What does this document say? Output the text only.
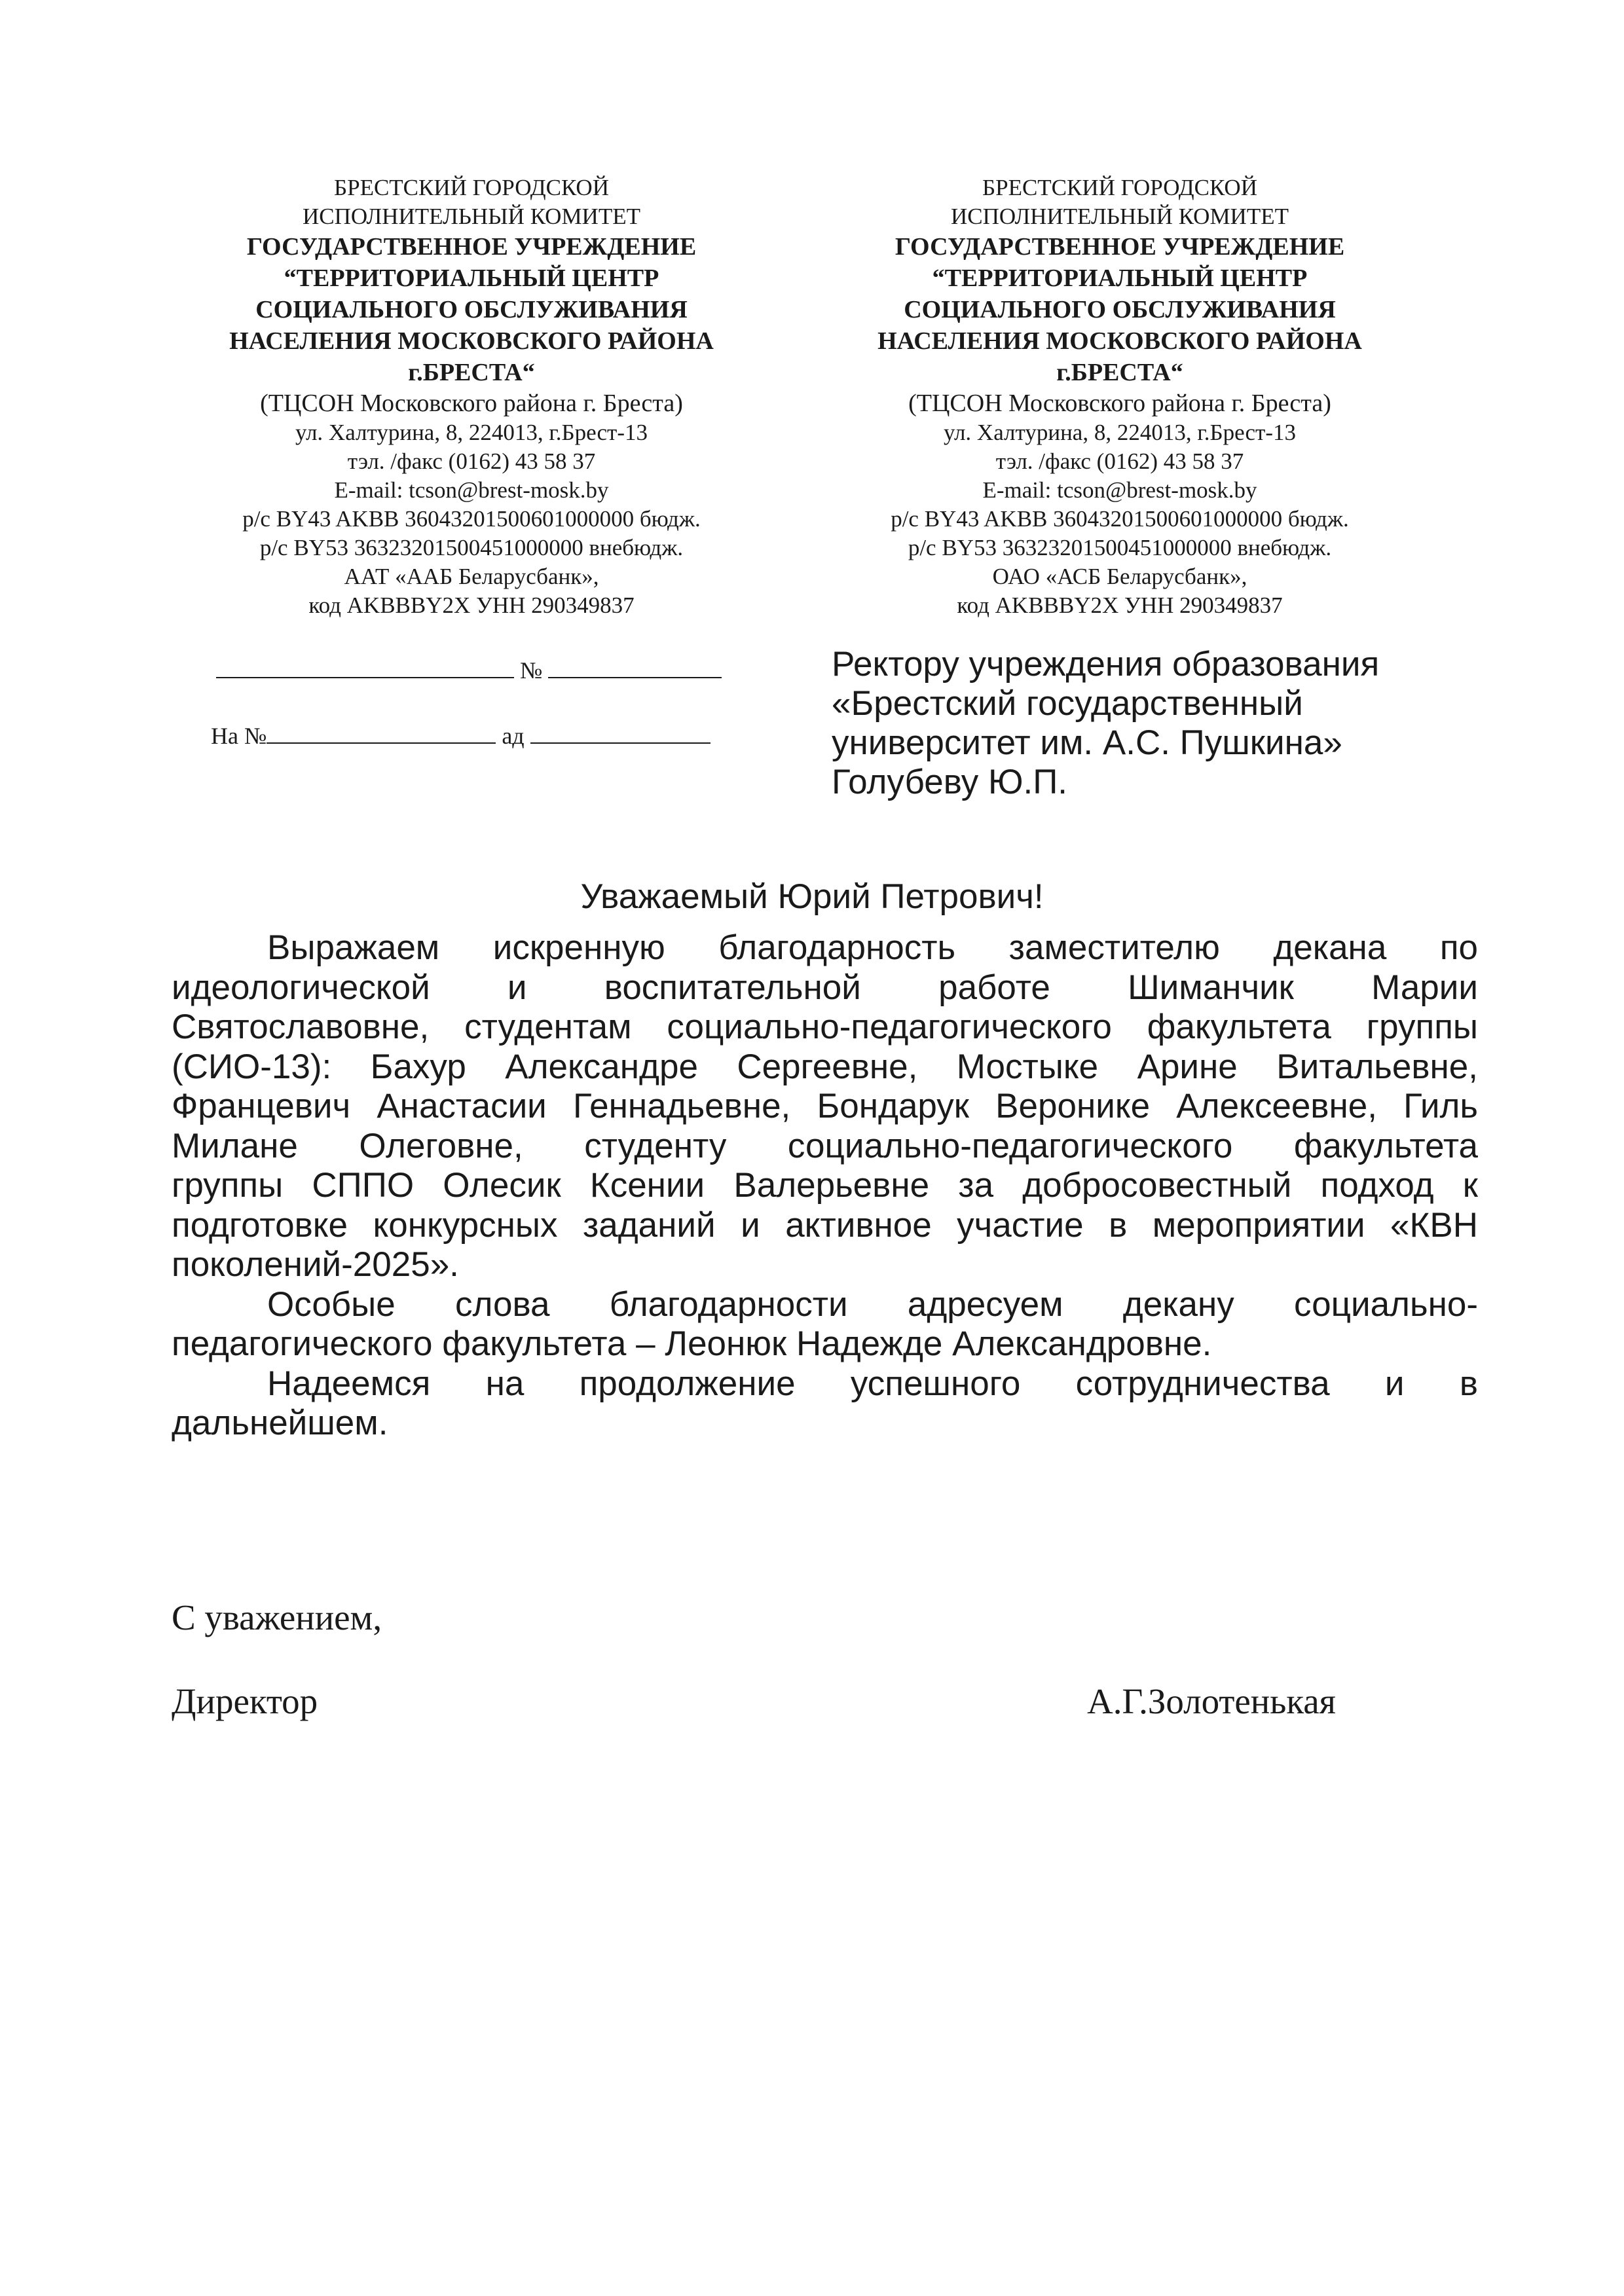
БРЕСТСКИЙ ГОРОДСКОЙ
ИСПОЛНИТЕЛЬНЫЙ КОМИТЕТ
ГОСУДАРСТВЕННОЕ УЧРЕЖДЕНИЕ
“ТЕРРИТОРИАЛЬНЫЙ ЦЕНТР
СОЦИАЛЬНОГО ОБСЛУЖИВАНИЯ
НАСЕЛЕНИЯ МОСКОВСКОГО РАЙОНА
г.БРЕСТА“
(ТЦСОН Московского района г. Бреста)
ул. Халтурина, 8, 224013, г.Брест-13
тэл. /факс (0162) 43 58 37
E-mail: tcson@brest-mosk.by
р/с BY43 AKBB 36043201500601000000 бюдж.
р/с BY53 36323201500451000000 внебюдж.
ААТ «ААБ Беларусбанк»,
код AKBBBY2X УНН 290349837
БРЕСТСКИЙ ГОРОДСКОЙ
ИСПОЛНИТЕЛЬНЫЙ КОМИТЕТ
ГОСУДАРСТВЕННОЕ УЧРЕЖДЕНИЕ
“ТЕРРИТОРИАЛЬНЫЙ ЦЕНТР
СОЦИАЛЬНОГО ОБСЛУЖИВАНИЯ
НАСЕЛЕНИЯ МОСКОВСКОГО РАЙОНА
г.БРЕСТА“
(ТЦСОН Московского района г. Бреста)
ул. Халтурина, 8, 224013, г.Брест-13
тэл. /факс (0162) 43 58 37
E-mail: tcson@brest-mosk.by
р/с BY43 AKBB 36043201500601000000 бюдж.
р/с BY53 36323201500451000000 внебюдж.
ОАО «АСБ Беларусбанк»,
код AKBBBY2X УНН 290349837
№
На №	ад
Ректору учреждения образования
«Брестский государственный
университет им. А.С. Пушкина»
Голубеву Ю.П.
Уважаемый Юрий Петрович!
Выражаем искренную благодарность заместителю декана по
идеологической и воспитательной работе Шиманчик Марии
Святославовне, студентам социально-педагогического факультета группы
(СИО-13): Бахур Александре Сергеевне, Мостыке Арине Витальевне,
Францевич Анастасии Геннадьевне, Бондарук Веронике Алексеевне, Гиль
Милане Олеговне, студенту социально-педагогического факультета
группы СППО Олесик Ксении Валерьевне за добросовестный подход к
подготовке конкурсных заданий и активное участие в мероприятии «КВН
поколений-2025».
Особые слова благодарности адресуем декану социально-
педагогического факультета – Леонюк Надежде Александровне.
Надеемся на продолжение успешного сотрудничества и в
дальнейшем.
С уважением,
Директор	А.Г.Золотенькая
